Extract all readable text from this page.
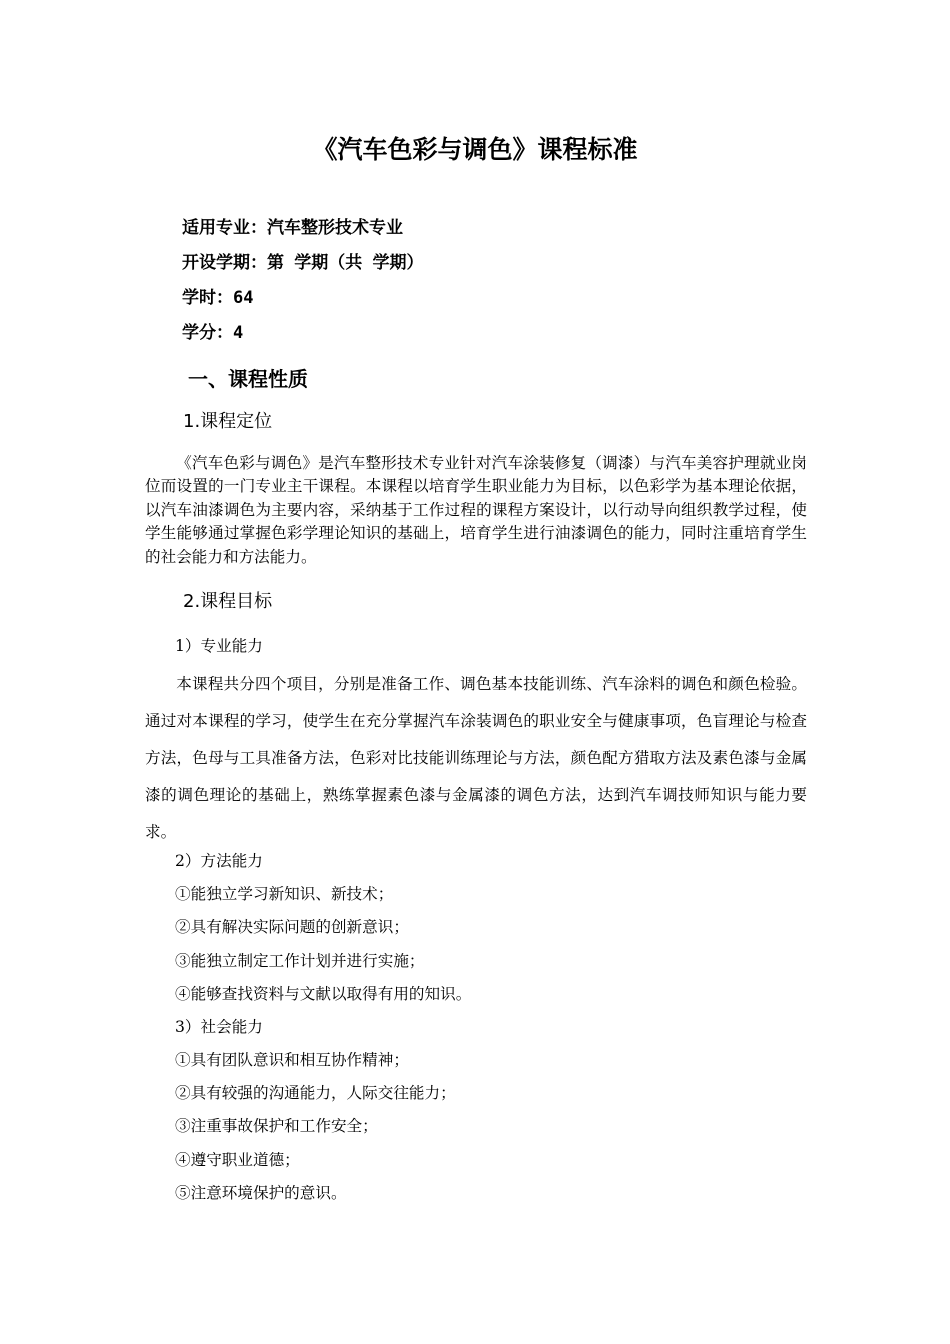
《汽车色彩与调色》课程标准
适用专业：汽车整形技术专业
开设学期：第 学期（共 学期）
学时：64
学分：4
一、课程性质
1.课程定位

《汽车色彩与调色》是汽车整形技术专业针对汽车涂装修复（调漆）与汽车美容护理就业岗位而设置的一门专业主干课程。本课程以培育学生职业能力为目标，以色彩学为基本理论依据，以汽车油漆调色为主要内容，采纳基于工作过程的课程方案设计，以行动导向组织教学过程，使学生能够通过掌握色彩学理论知识的基础上，培育学生进行油漆调色的能力，同时注重培育学生的社会能力和方法能力。

2.课程目标
1）专业能力

本课程共分四个项目，分别是准备工作、调色基本技能训练、汽车涂料的调色和颜色检验。通过对本课程的学习，使学生在充分掌握汽车涂装调色的职业安全与健康事项，色盲理论与检查方法，色母与工具准备方法，色彩对比技能训练理论与方法，颜色配方猎取方法及素色漆与金属漆的调色理论的基础上，熟练掌握素色漆与金属漆的调色方法，达到汽车调技师知识与能力要求。

2）方法能力
①能独立学习新知识、新技术；
②具有解决实际问题的创新意识；
③能独立制定工作计划并进行实施；
④能够查找资料与文献以取得有用的知识。
3）社会能力
①具有团队意识和相互协作精神；
②具有较强的沟通能力，人际交往能力；
③注重事故保护和工作安全；
④遵守职业道德；
⑤注意环境保护的意识。
